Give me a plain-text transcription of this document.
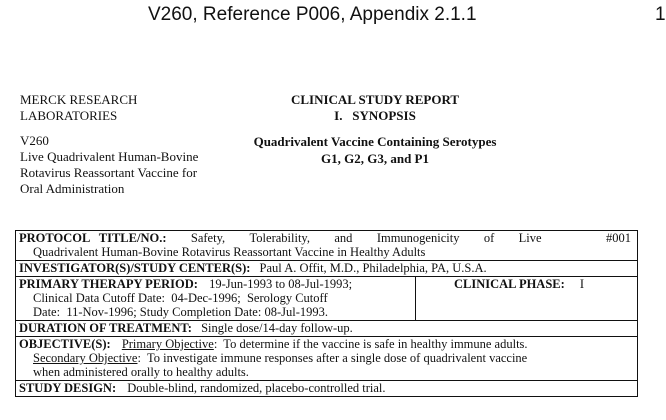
V260, Reference P006, Appendix 2.1.1	1
MERCK RESEARCH
LABORATORIES
V260
Live Quadrivalent Human-Bovine
Rotavirus Reassortant Vaccine for
Oral Administration
CLINICAL STUDY REPORT
I.   SYNOPSIS
Quadrivalent Vaccine Containing Serotypes
G1, G2, G3, and P1
PROTOCOL   TITLE/NO.: Safety, Tolerability, and Immunogenicity of Live	#001
Quadrivalent Human-Bovine Rotavirus Reassortant Vaccine in Healthy Adults
INVESTIGATOR(S)/STUDY CENTER(S): Paul A. Offit, M.D., Philadelphia, PA, U.S.A.
PRIMARY THERAPY PERIOD: 19-Jun-1993 to 08-Jul-1993;
Clinical Data Cutoff Date:  04-Dec-1996;  Serology Cutoff
Date:  11-Nov-1996; Study Completion Date: 08-Jul-1993.
CLINICAL PHASE: I
DURATION OF TREATMENT: Single dose/14-day follow-up.
OBJECTIVE(S): Primary Objective:  To determine if the vaccine is safe in healthy immune adults.
Secondary Objective:  To investigate immune responses after a single dose of quadrivalent vaccine
when administered orally to healthy adults.
STUDY DESIGN: Double-blind, randomized, placebo-controlled trial.
